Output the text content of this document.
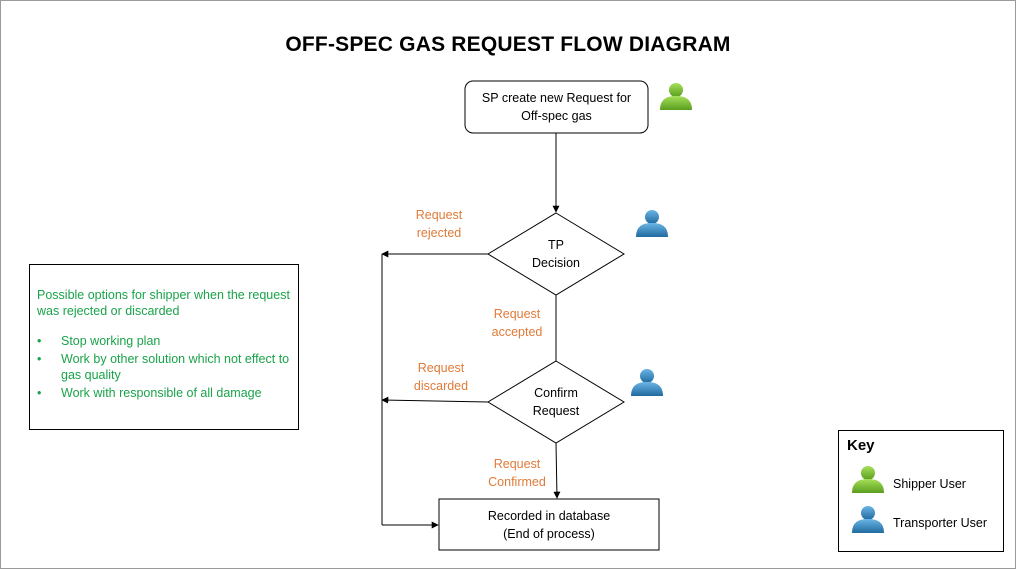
OFF-SPEC GAS REQUEST FLOW DIAGRAM
SP create new Request for
Off-spec gas
TP
Decision
Confirm
Request
Recorded in database
(End of process)
Request
rejected
Request
accepted
Request
discarded
Request
Confirmed
Possible options for shipper when the request was rejected or discarded
• Stop working plan
• Work by other solution which not effect to gas quality
• Work with responsible of all damage
Key
Shipper User
Transporter User
